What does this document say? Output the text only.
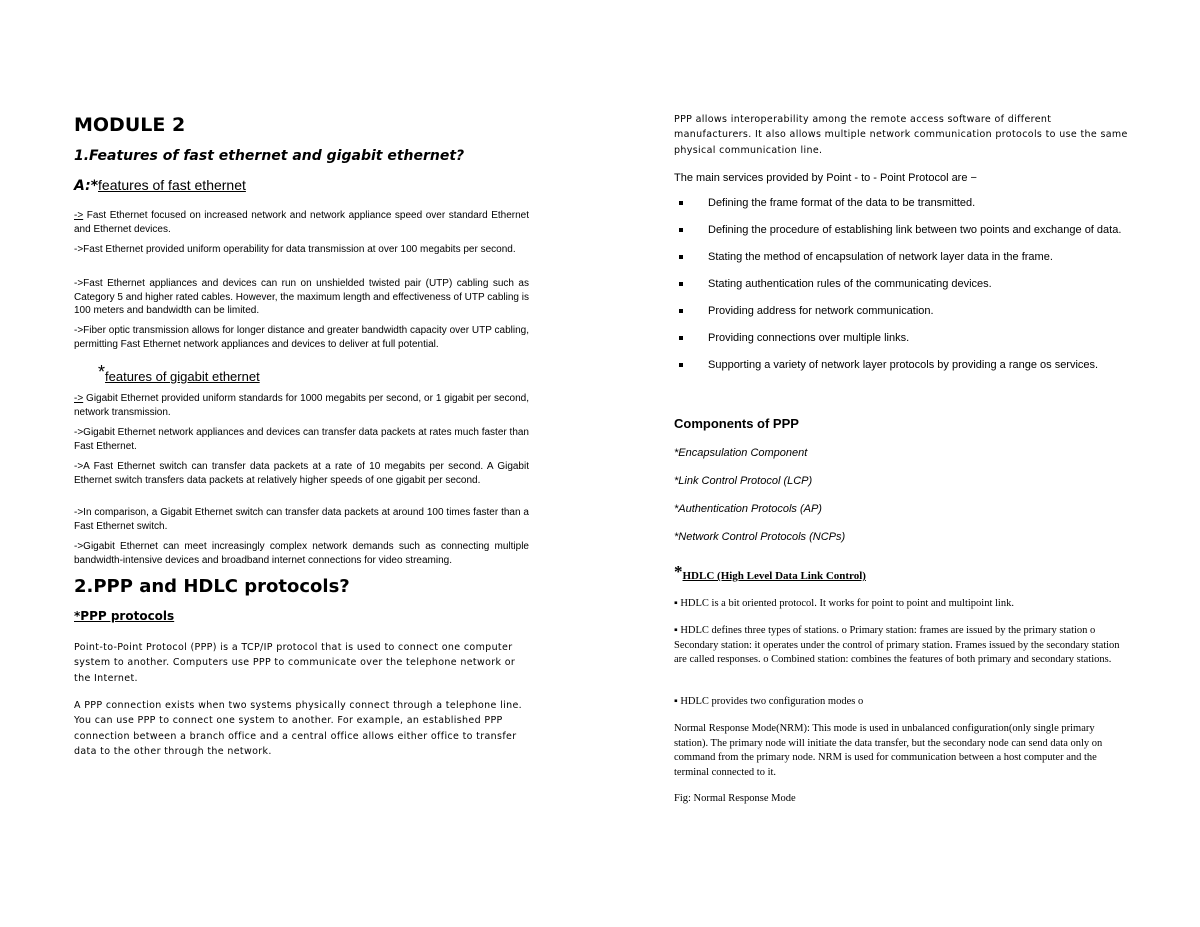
MODULE 2
1.Features of fast ethernet and gigabit ethernet?
A:*features of fast ethernet
-> Fast Ethernet focused on increased network and network appliance speed over standard Ethernet and Ethernet devices.
->Fast Ethernet provided uniform operability for data transmission at over 100 megabits per second.
->Fast Ethernet appliances and devices can run on unshielded twisted pair (UTP) cabling such as Category 5 and higher rated cables. However, the maximum length and effectiveness of UTP cabling is 100 meters and bandwidth can be limited.
->Fiber optic transmission allows for longer distance and greater bandwidth capacity over UTP cabling, permitting Fast Ethernet network appliances and devices to deliver at full potential.
*features of gigabit ethernet
-> Gigabit Ethernet provided uniform standards for 1000 megabits per second, or 1 gigabit per second, network transmission.
->Gigabit Ethernet network appliances and devices can transfer data packets at rates much faster than Fast Ethernet.
->A Fast Ethernet switch can transfer data packets at a rate of 10 megabits per second. A Gigabit Ethernet switch transfers data packets at relatively higher speeds of one gigabit per second.
->In comparison, a Gigabit Ethernet switch can transfer data packets at around 100 times faster than a Fast Ethernet switch.
->Gigabit Ethernet can meet increasingly complex network demands such as connecting multiple bandwidth-intensive devices and broadband internet connections for video streaming.
2.PPP and HDLC protocols?
*PPP protocols
Point-to-Point Protocol (PPP) is a TCP/IP protocol that is used to connect one computer system to another. Computers use PPP to communicate over the telephone network or the Internet.
A PPP connection exists when two systems physically connect through a telephone line. You can use PPP to connect one system to another. For example, an established PPP connection between a branch office and a central office allows either office to transfer data to the other through the network.
PPP allows interoperability among the remote access software of different manufacturers. It also allows multiple network communication protocols to use the same physical communication line.
The main services provided by Point - to - Point Protocol are −
Defining the frame format of the data to be transmitted.
Defining the procedure of establishing link between two points and exchange of data.
Stating the method of encapsulation of network layer data in the frame.
Stating authentication rules of the communicating devices.
Providing address for network communication.
Providing connections over multiple links.
Supporting a variety of network layer protocols by providing a range os services.
Components of PPP
*Encapsulation Component
*Link Control Protocol (LCP)
*Authentication Protocols (AP)
*Network Control Protocols (NCPs)
*HDLC (High Level Data Link Control)
▪ HDLC is a bit oriented protocol. It works for point to point and multipoint link.
▪ HDLC defines three types of stations. o Primary station: frames are issued by the primary station o Secondary station: it operates under the control of primary station. Frames issued by the secondary station are called responses. o Combined station: combines the features of both primary and secondary stations.
▪ HDLC provides two configuration modes o
Normal Response Mode(NRM): This mode is used in unbalanced configuration(only single primary station). The primary node will initiate the data transfer, but the secondary node can send data only on command from the primary node. NRM is used for communication between a host computer and the terminal connected to it.
Fig: Normal Response Mode
